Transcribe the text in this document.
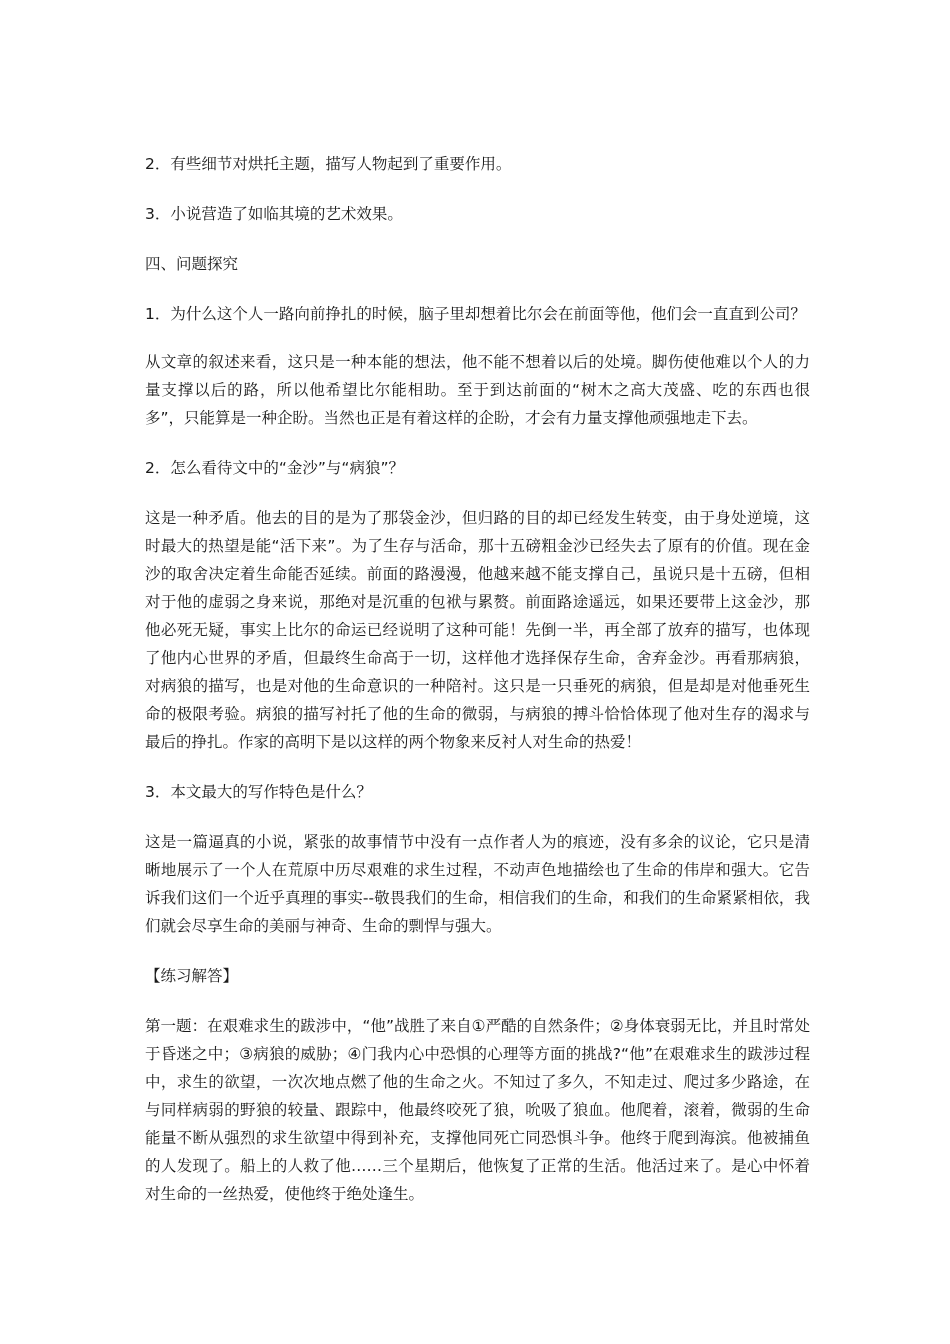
2．有些细节对烘托主题，描写人物起到了重要作用。

3．小说营造了如临其境的艺术效果。

四、问题探究

1．为什么这个人一路向前挣扎的时候，脑子里却想着比尔会在前面等他，他们会一直直到公司？

从文章的叙述来看，这只是一种本能的想法，他不能不想着以后的处境。脚伤使他难以个人的力量支撑以后的路，所以他希望比尔能相助。至于到达前面的“树木之高大茂盛、吃的东西也很多”，只能算是一种企盼。当然也正是有着这样的企盼，才会有力量支撑他顽强地走下去。

2．怎么看待文中的“金沙”与“病狼”？

这是一种矛盾。他去的目的是为了那袋金沙，但归路的目的却已经发生转变，由于身处逆境，这时最大的热望是能“活下来”。为了生存与活命，那十五磅粗金沙已经失去了原有的价值。现在金沙的取舍决定着生命能否延续。前面的路漫漫，他越来越不能支撑自己，虽说只是十五磅，但相对于他的虚弱之身来说，那绝对是沉重的包袱与累赘。前面路途遥远，如果还要带上这金沙，那他必死无疑，事实上比尔的命运已经说明了这种可能！先倒一半，再全部了放弃的描写，也体现了他内心世界的矛盾，但最终生命高于一切，这样他才选择保存生命，舍弃金沙。再看那病狼，对病狼的描写，也是对他的生命意识的一种陪衬。这只是一只垂死的病狼，但是却是对他垂死生命的极限考验。病狼的描写衬托了他的生命的微弱，与病狼的搏斗恰恰体现了他对生存的渴求与最后的挣扎。作家的高明下是以这样的两个物象来反衬人对生命的热爱！

3．本文最大的写作特色是什么？

这是一篇逼真的小说，紧张的故事情节中没有一点作者人为的痕迹，没有多余的议论，它只是清晰地展示了一个人在荒原中历尽艰难的求生过程，不动声色地描绘也了生命的伟岸和强大。它告诉我们这们一个近乎真理的事实--敬畏我们的生命，相信我们的生命，和我们的生命紧紧相依，我们就会尽享生命的美丽与神奇、生命的剽悍与强大。

【练习解答】

第一题：在艰难求生的跋涉中，“他”战胜了来自①严酷的自然条件；②身体衰弱无比，并且时常处于昏迷之中；③病狼的威胁；④门我内心中恐惧的心理等方面的挑战?“他”在艰难求生的跋涉过程中，求生的欲望，一次次地点燃了他的生命之火。不知过了多久，不知走过、爬过多少路途，在与同样病弱的野狼的较量、跟踪中，他最终咬死了狼，吮吸了狼血。他爬着，滚着，微弱的生命能量不断从强烈的求生欲望中得到补充，支撑他同死亡同恐惧斗争。他终于爬到海滨。他被捕鱼的人发现了。船上的人救了他……三个星期后，他恢复了正常的生活。他活过来了。是心中怀着对生命的一丝热爱，使他终于绝处逢生。
